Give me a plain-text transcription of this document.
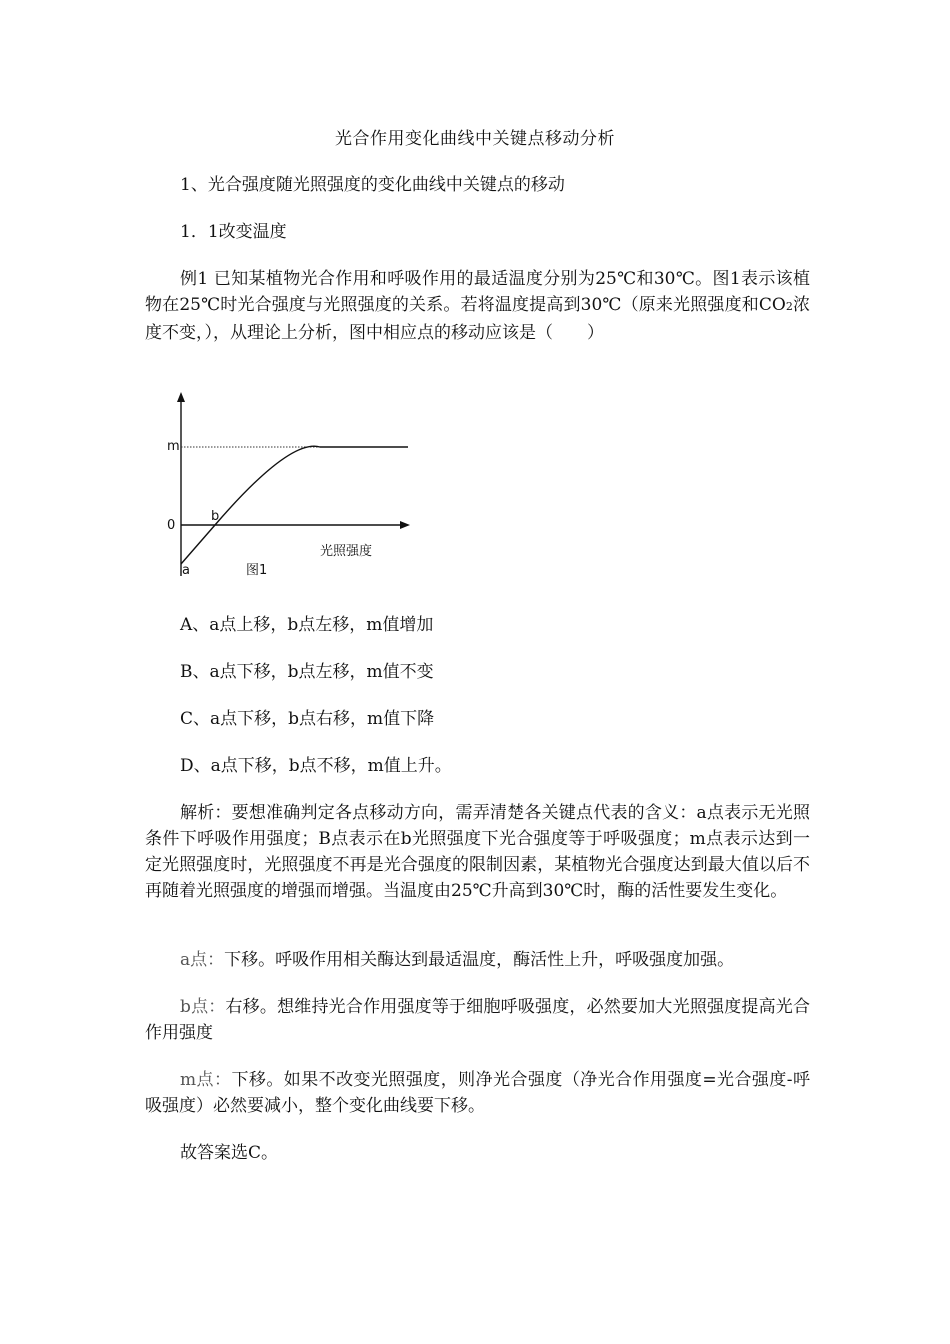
光合作用变化曲线中关键点移动分析
1、光合强度随光照强度的变化曲线中关键点的移动
1．1改变温度
例1 已知某植物光合作用和呼吸作用的最适温度分别为25℃和30℃。图1表示该植物在25℃时光合强度与光照强度的关系。若将温度提高到30℃（原来光照强度和CO2浓度不变，），从理论上分析，图中相应点的移动应该是（　　）
m
0
b
a
光照强度
图1
A、a点上移，b点左移，m值增加
B、a点下移，b点左移，m值不变
C、a点下移，b点右移，m值下降
D、a点下移，b点不移，m值上升。
解析：要想准确判定各点移动方向，需弄清楚各关键点代表的含义：a点表示无光照条件下呼吸作用强度；B点表示在b光照强度下光合强度等于呼吸强度；m点表示达到一定光照强度时，光照强度不再是光合强度的限制因素，某植物光合强度达到最大值以后不再随着光照强度的增强而增强。当温度由25℃升高到30℃时，酶的活性要发生变化。
a点：下移。呼吸作用相关酶达到最适温度，酶活性上升，呼吸强度加强。
b点：右移。想维持光合作用强度等于细胞呼吸强度，必然要加大光照强度提高光合作用强度
m点：下移。如果不改变光照强度，则净光合强度（净光合作用强度=光合强度-呼吸强度）必然要减小，整个变化曲线要下移。
故答案选C。
